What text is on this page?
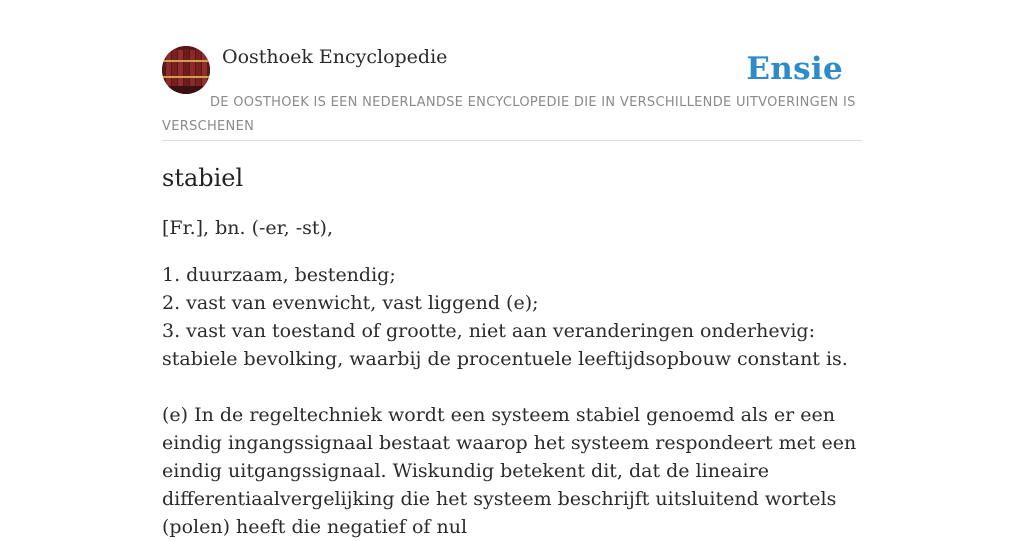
Oosthoek Encyclopedie	Ensie
DE OOSTHOEK IS EEN NEDERLANDSE ENCYCLOPEDIE DIE IN VERSCHILLENDE UITVOERINGEN IS VERSCHENEN
stabiel

[Fr.], bn. (-er, -st),

1. duurzaam, bestendig;
2. vast van evenwicht, vast liggend (e);
3. vast van toestand of grootte, niet aan veranderingen onderhevig: stabiele bevolking, waarbij de procentuele leeftijdsopbouw constant is.

(e) In de regeltechniek wordt een systeem stabiel genoemd als er een eindig ingangssignaal bestaat waarop het systeem respondeert met een eindig uitgangssignaal. Wiskundig betekent dit, dat de lineaire differentiaalvergelijking die het systeem beschrijft uitsluitend wortels (polen) heeft die negatief of nul
